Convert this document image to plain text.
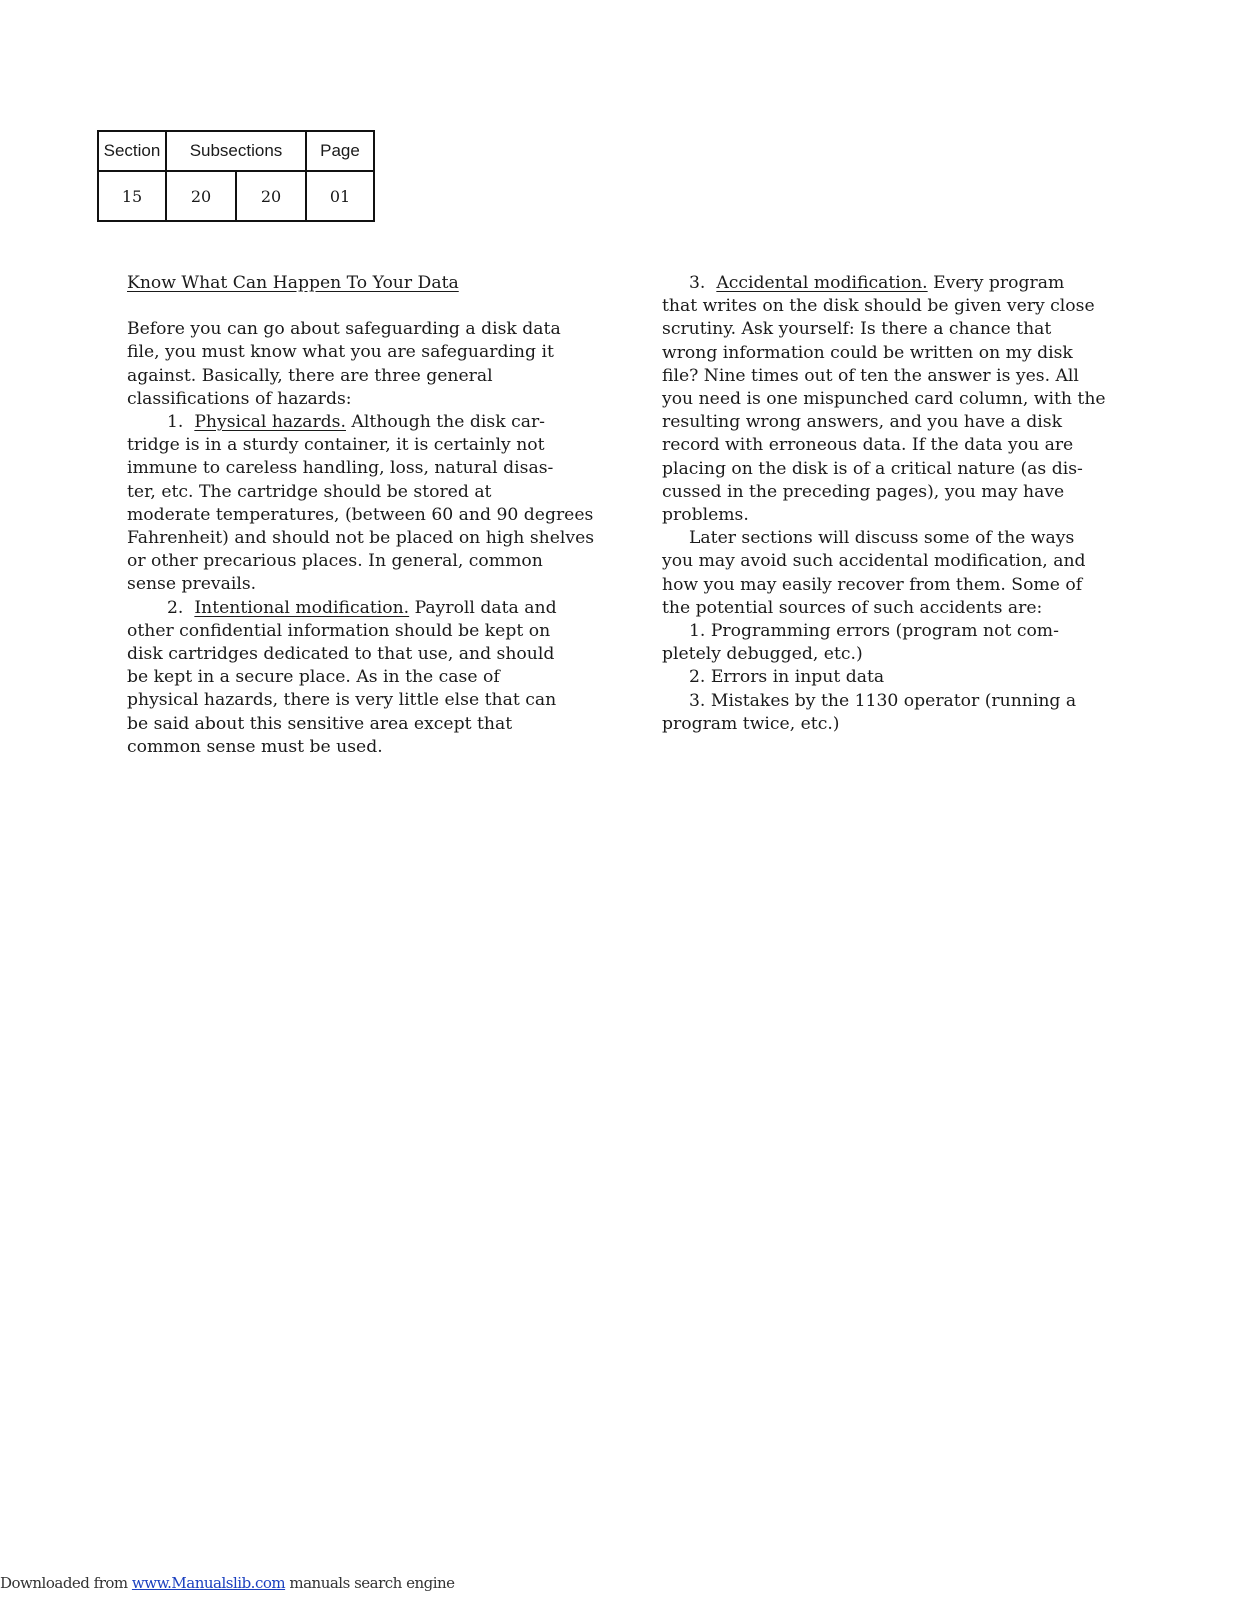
Section	Subsections		Page
15	20	20	01
Know What Can Happen To Your Data
Before you can go about safeguarding a disk data
file, you must know what you are safeguarding it
against. Basically, there are three general
classifications of hazards:
1. Physical hazards. Although the disk car-
tridge is in a sturdy container, it is certainly not
immune to careless handling, loss, natural disas-
ter, etc. The cartridge should be stored at
moderate temperatures, (between 60 and 90 degrees
Fahrenheit) and should not be placed on high shelves
or other precarious places. In general, common
sense prevails.
2. Intentional modification. Payroll data and
other confidential information should be kept on
disk cartridges dedicated to that use, and should
be kept in a secure place. As in the case of
physical hazards, there is very little else that can
be said about this sensitive area except that
common sense must be used.
3. Accidental modification. Every program
that writes on the disk should be given very close
scrutiny. Ask yourself: Is there a chance that
wrong information could be written on my disk
file? Nine times out of ten the answer is yes. All
you need is one mispunched card column, with the
resulting wrong answers, and you have a disk
record with erroneous data. If the data you are
placing on the disk is of a critical nature (as dis-
cussed in the preceding pages), you may have
problems.
Later sections will discuss some of the ways
you may avoid such accidental modification, and
how you may easily recover from them. Some of
the potential sources of such accidents are:
1. Programming errors (program not com-
pletely debugged, etc.)
2. Errors in input data
3. Mistakes by the 1130 operator (running a
program twice, etc.)
Downloaded from www.Manualslib.com manuals search engine
